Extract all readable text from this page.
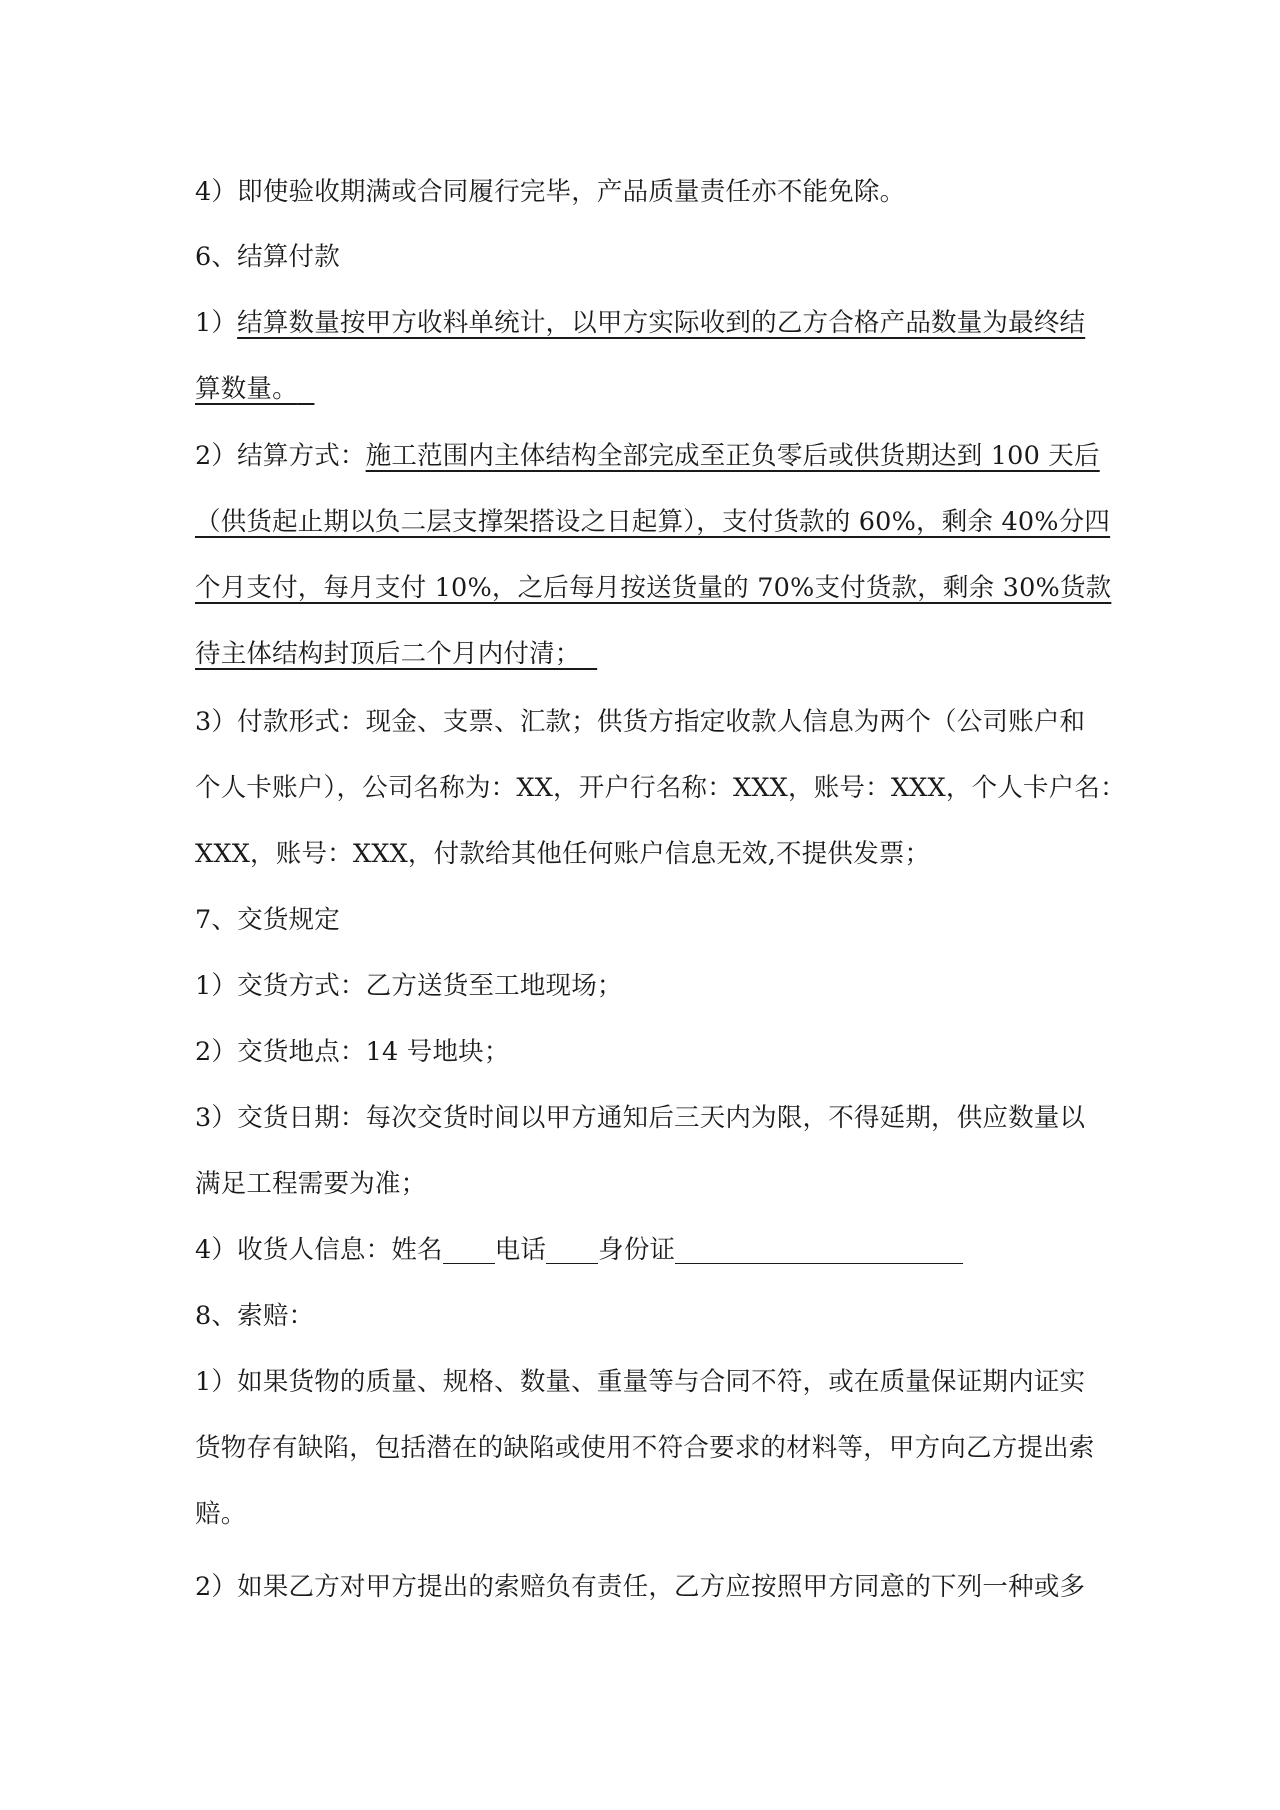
4）即使验收期满或合同履行完毕，产品质量责任亦不能免除。
6、结算付款
1）结算数量按甲方收料单统计，以甲方实际收到的乙方合格产品数量为最终结
算数量。
2）结算方式：施工范围内主体结构全部完成至正负零后或供货期达到 100 天后
（供货起止期以负二层支撑架搭设之日起算），支付货款的 60%，剩余 40%分四
个月支付，每月支付 10%，之后每月按送货量的 70%支付货款，剩余 30%货款
待主体结构封顶后二个月内付清；
3）付款形式：现金、支票、汇款；供货方指定收款人信息为两个（公司账户和
个人卡账户），公司名称为：XX，开户行名称：XXX，账号：XXX，个人卡户名：
XXX，账号：XXX，付款给其他任何账户信息无效,不提供发票；
7、交货规定
1）交货方式：乙方送货至工地现场；
2）交货地点：14 号地块；
3）交货日期：每次交货时间以甲方通知后三天内为限，不得延期，供应数量以
满足工程需要为准；
4）收货人信息：姓名 电话 身份证
8、索赔：
1）如果货物的质量、规格、数量、重量等与合同不符，或在质量保证期内证实
货物存有缺陷，包括潜在的缺陷或使用不符合要求的材料等，甲方向乙方提出索
赔。
2）如果乙方对甲方提出的索赔负有责任，乙方应按照甲方同意的下列一种或多
